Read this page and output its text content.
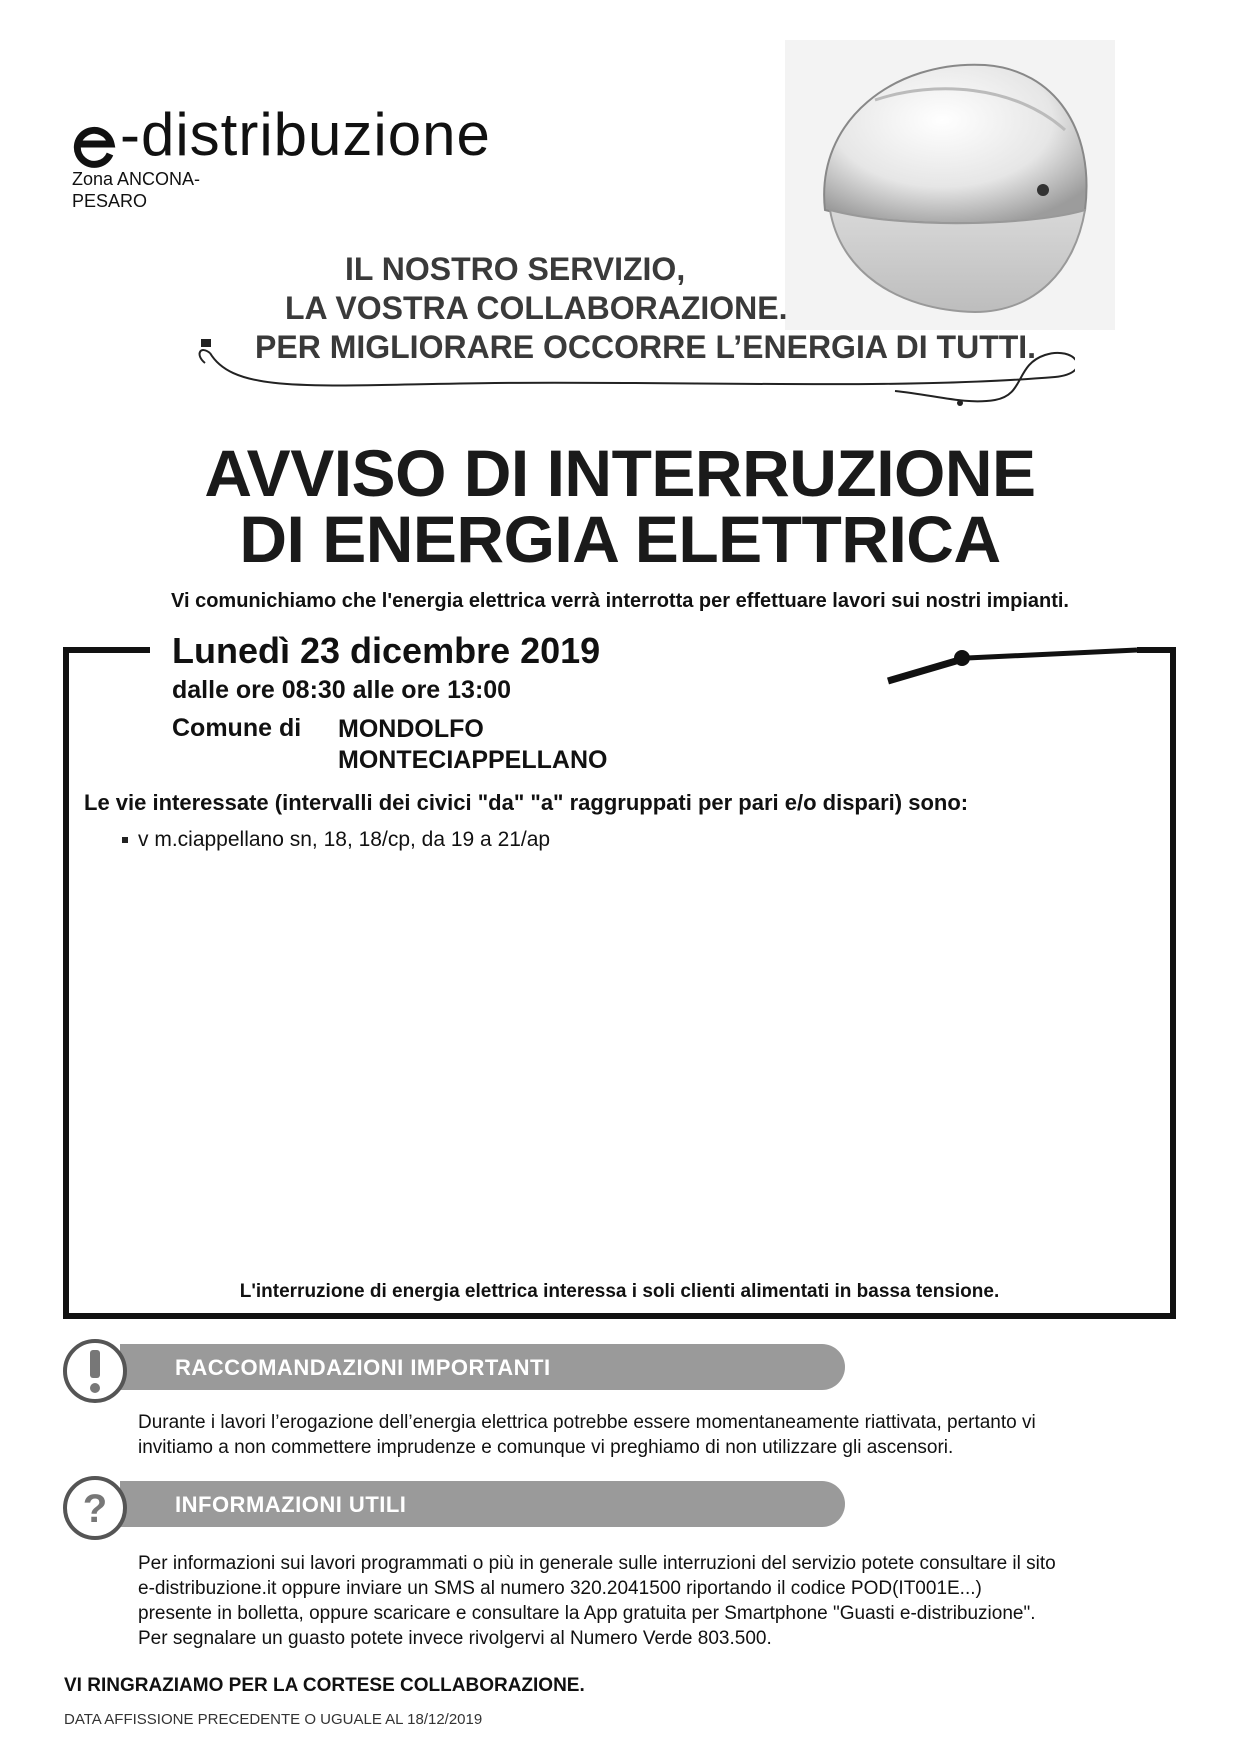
-distribuzione
Zona ANCONA-PESARO
IL NOSTRO SERVIZIO,
LA VOSTRA COLLABORAZIONE.
PER MIGLIORARE OCCORRE L’ENERGIA DI TUTTI.
AVVISO DI INTERRUZIONE
DI ENERGIA ELETTRICA
Vi comunichiamo che l'energia elettrica verrà interrotta per effettuare lavori sui nostri impianti.
Lunedì 23 dicembre 2019
dalle ore 08:30 alle ore 13:00
Comune di MONDOLFO
MONTECIAPPELLANO
Le vie interessate (intervalli dei civici "da" "a" raggruppati per pari e/o dispari) sono:
v m.ciappellano sn, 18, 18/cp, da 19 a 21/ap
L'interruzione di energia elettrica interessa i soli clienti alimentati in bassa tensione.
RACCOMANDAZIONI IMPORTANTI
Durante i lavori l’erogazione dell’energia elettrica potrebbe essere momentaneamente riattivata, pertanto vi
invitiamo a non commettere imprudenze e comunque vi preghiamo di non utilizzare gli ascensori.
?	INFORMAZIONI UTILI
Per informazioni sui lavori programmati o più in generale sulle interruzioni del servizio potete consultare il sito
e-distribuzione.it oppure inviare un SMS al numero 320.2041500 riportando il codice POD(IT001E...)
presente in bolletta, oppure scaricare e consultare la App gratuita per Smartphone "Guasti e-distribuzione".
Per segnalare un guasto potete invece rivolgervi al Numero Verde 803.500.
VI RINGRAZIAMO PER LA CORTESE COLLABORAZIONE.
DATA AFFISSIONE PRECEDENTE O UGUALE AL 18/12/2019
